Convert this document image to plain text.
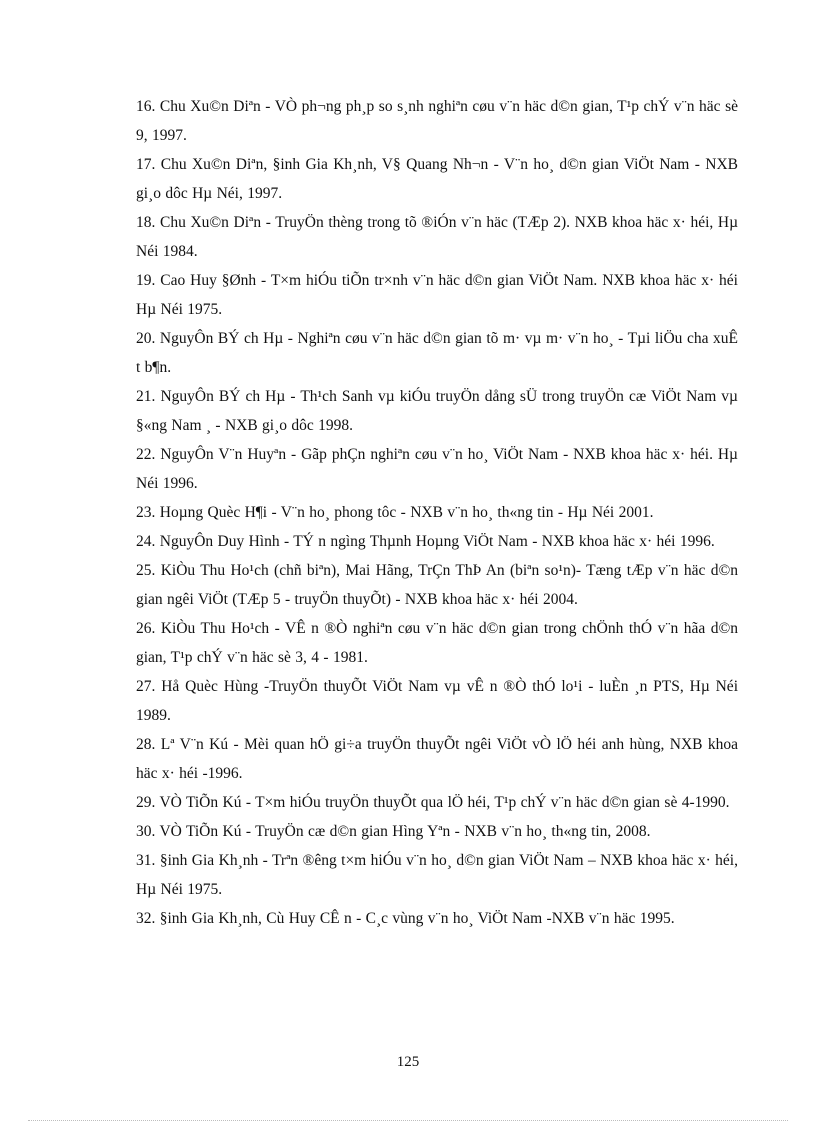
16. Chu Xu©n Diªn - VÒ ph¬ng ph¸p so s¸nh nghiªn cøu v¨n häc d©n gian, T¹p chÝ v¨n häc sè 9, 1997.
17. Chu Xu©n Diªn, §inh Gia Kh¸nh, V§ Quang Nh¬n - V¨n ho¸ d©n gian ViÖt Nam - NXB gi¸o dôc Hµ Néi, 1997.
18. Chu Xu©n Diªn - TruyÖn thèng trong tõ ®iÓn v¨n häc (TÆp 2). NXB khoa häc x· héi, Hµ Néi 1984.
19. Cao Huy §Ønh - T×m hiÓu tiÕn tr×nh v¨n häc d©n gian ViÖt Nam. NXB khoa häc x· héi Hµ Néi 1975.
20. NguyÔn BÝ ch Hµ - Nghiªn cøu v¨n häc d©n gian tõ m· vµ m· v¨n ho¸ - Tµi liÖu cha xuÊ t b¶n.
21. NguyÔn BÝ ch Hµ - Th¹ch Sanh vµ kiÓu truyÖn dång sÜ trong truyÖn cæ ViÖt Nam vµ §«ng Nam ¸ - NXB gi¸o dôc 1998.
22. NguyÔn V¨n Huyªn - Gãp phÇn nghiªn cøu v¨n ho¸ ViÖt Nam - NXB khoa häc x· héi. Hµ Néi 1996.
23. Hoµng Quèc H¶i - V¨n ho¸ phong tôc - NXB v¨n ho¸ th«ng tin - Hµ Néi 2001.
24. NguyÔn Duy Hình - TÝ n ngìng Thµnh Hoµng ViÖt Nam - NXB khoa häc x· héi 1996.
25. KiÒu Thu Ho¹ch (chñ biªn), Mai Hãng, TrÇn ThÞ An (biªn so¹n)- Tæng tÆp v¨n häc d©n gian ngêi ViÖt (TÆp 5 - truyÖn thuyÕt) - NXB khoa häc x· héi 2004.
26. KiÒu Thu Ho¹ch - VÊ n ®Ò nghiªn cøu v¨n häc d©n gian trong chÖnh thÓ v¨n hãa d©n gian, T¹p chÝ v¨n häc sè 3, 4 - 1981.
27. Hå Quèc Hùng -TruyÖn thuyÕt ViÖt Nam vµ vÊ n ®Ò thÓ lo¹i - luÈn ¸n PTS, Hµ Néi 1989.
28. Lª V¨n Kú - Mèi quan hÖ gi÷a truyÖn thuyÕt ngêi ViÖt vÒ lÖ héi anh hùng, NXB khoa häc x· héi -1996.
29. VÒ TiÕn Kú - T×m hiÓu truyÖn thuyÕt qua lÖ héi, T¹p chÝ v¨n häc d©n gian sè 4-1990.
30. VÒ TiÕn Kú - TruyÖn cæ d©n gian Hìng Yªn - NXB v¨n ho¸ th«ng tin, 2008.
31. §inh Gia Kh¸nh - Trªn ®êng t×m hiÓu v¨n ho¸ d©n gian ViÖt Nam – NXB khoa häc x· héi, Hµ Néi 1975.
32. §inh Gia Kh¸nh, Cù Huy CÊ n - C¸c vùng v¨n ho¸ ViÖt Nam -NXB v¨n häc 1995.
125
